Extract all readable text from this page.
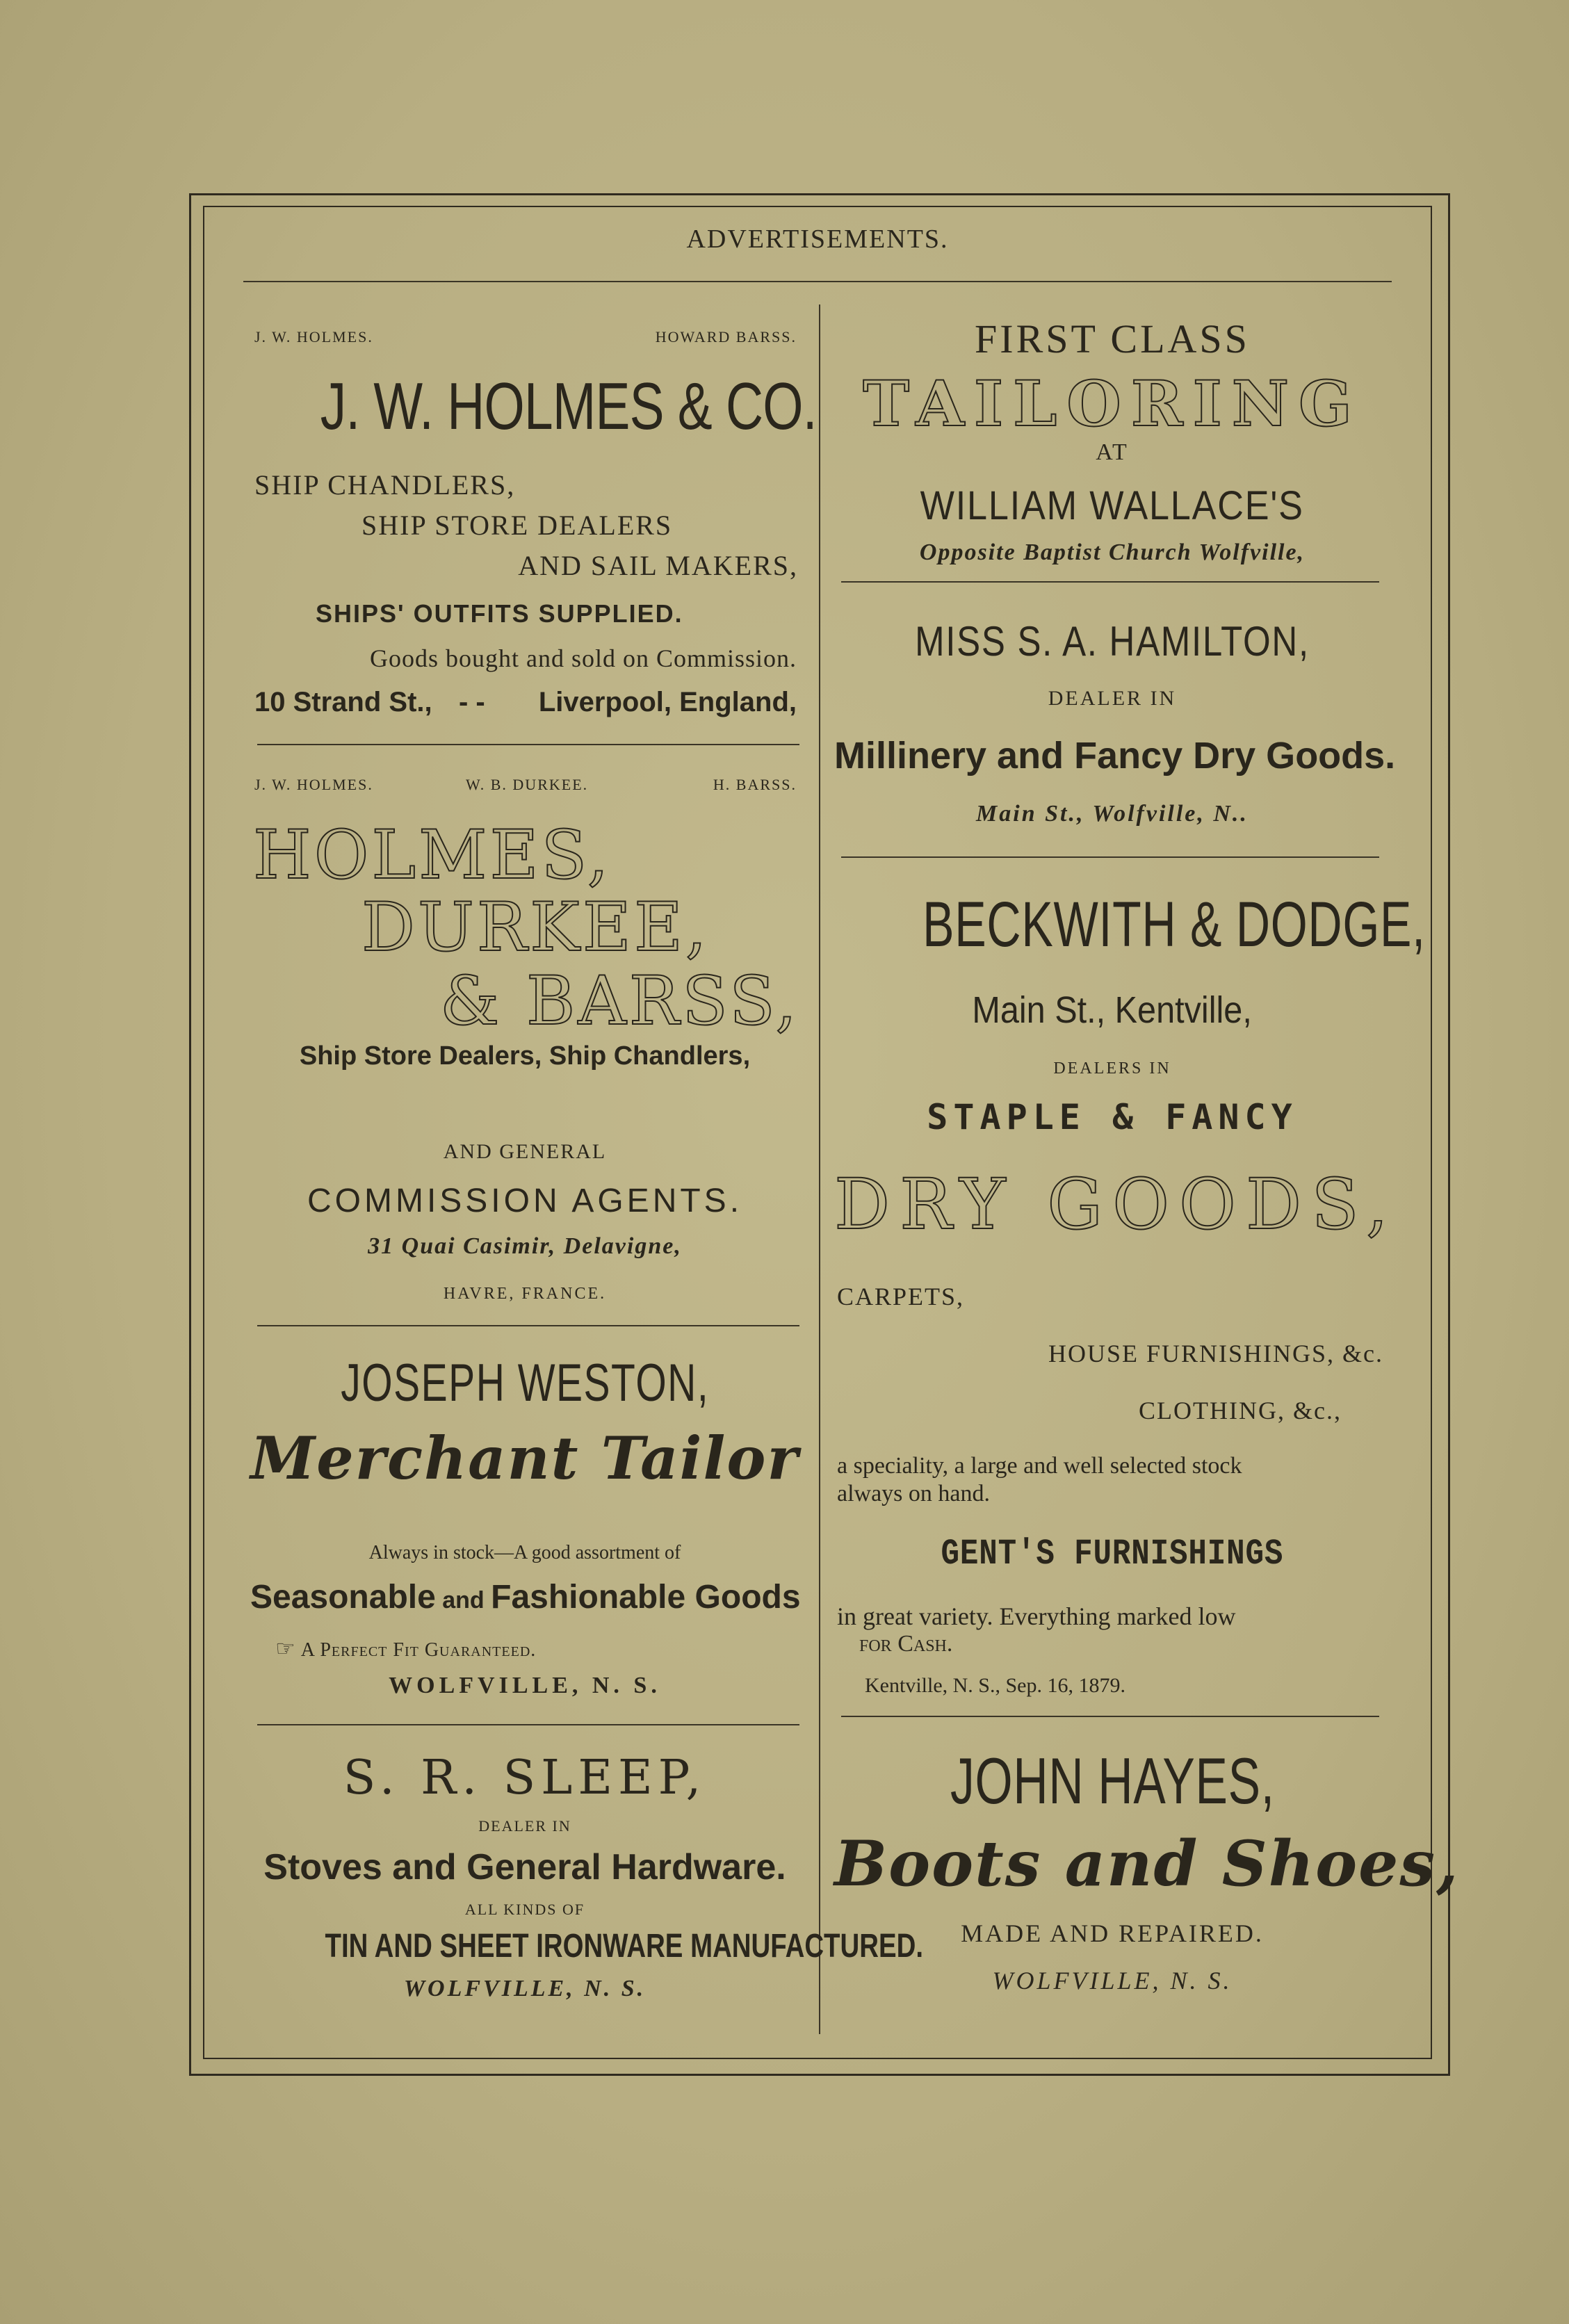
ADVERTISEMENTS.
J. W. HOLMES.	HOWARD BARSS.
J. W. HOLMES & CO.
SHIP CHANDLERS,
SHIP STORE DEALERS
AND SAIL MAKERS,
SHIPS' OUTFITS SUPPLIED.
Goods bought and sold on Commission.
10 Strand St., - - Liverpool, England,
J. W. HOLMES.	W. B. DURKEE.	H. BARSS.
HOLMES,
DURKEE,
& BARSS,
Ship Store Dealers, Ship Chandlers,
AND GENERAL
COMMISSION AGENTS.
31 Quai Casimir, Delavigne,
HAVRE, FRANCE.
JOSEPH WESTON,
Merchant Tailor
Always in stock—A good assortment of
Seasonable and Fashionable Goods
☞ A Perfect Fit Guaranteed.
WOLFVILLE, N. S.
S. R. SLEEP,
DEALER IN
Stoves and General Hardware.
ALL KINDS OF
TIN AND SHEET IRONWARE MANUFACTURED.
WOLFVILLE, N. S.
FIRST CLASS
TAILORING
AT
WILLIAM WALLACE'S
Opposite Baptist Church Wolfville,
MISS S. A. HAMILTON,
DEALER IN
Millinery and Fancy Dry Goods.
Main St., Wolfville, N..
BECKWITH & DODGE,
Main St., Kentville,
DEALERS IN
STAPLE & FANCY
DRY GOODS,
CARPETS,
HOUSE FURNISHINGS, &c.
CLOTHING, &c.,
a speciality, a large and well selected stock
always on hand.
GENT'S FURNISHINGS
in great variety. Everything marked low
for Cash.
Kentville, N. S., Sep. 16, 1879.
JOHN HAYES,
Boots and Shoes,
MADE AND REPAIRED.
WOLFVILLE, N. S.
